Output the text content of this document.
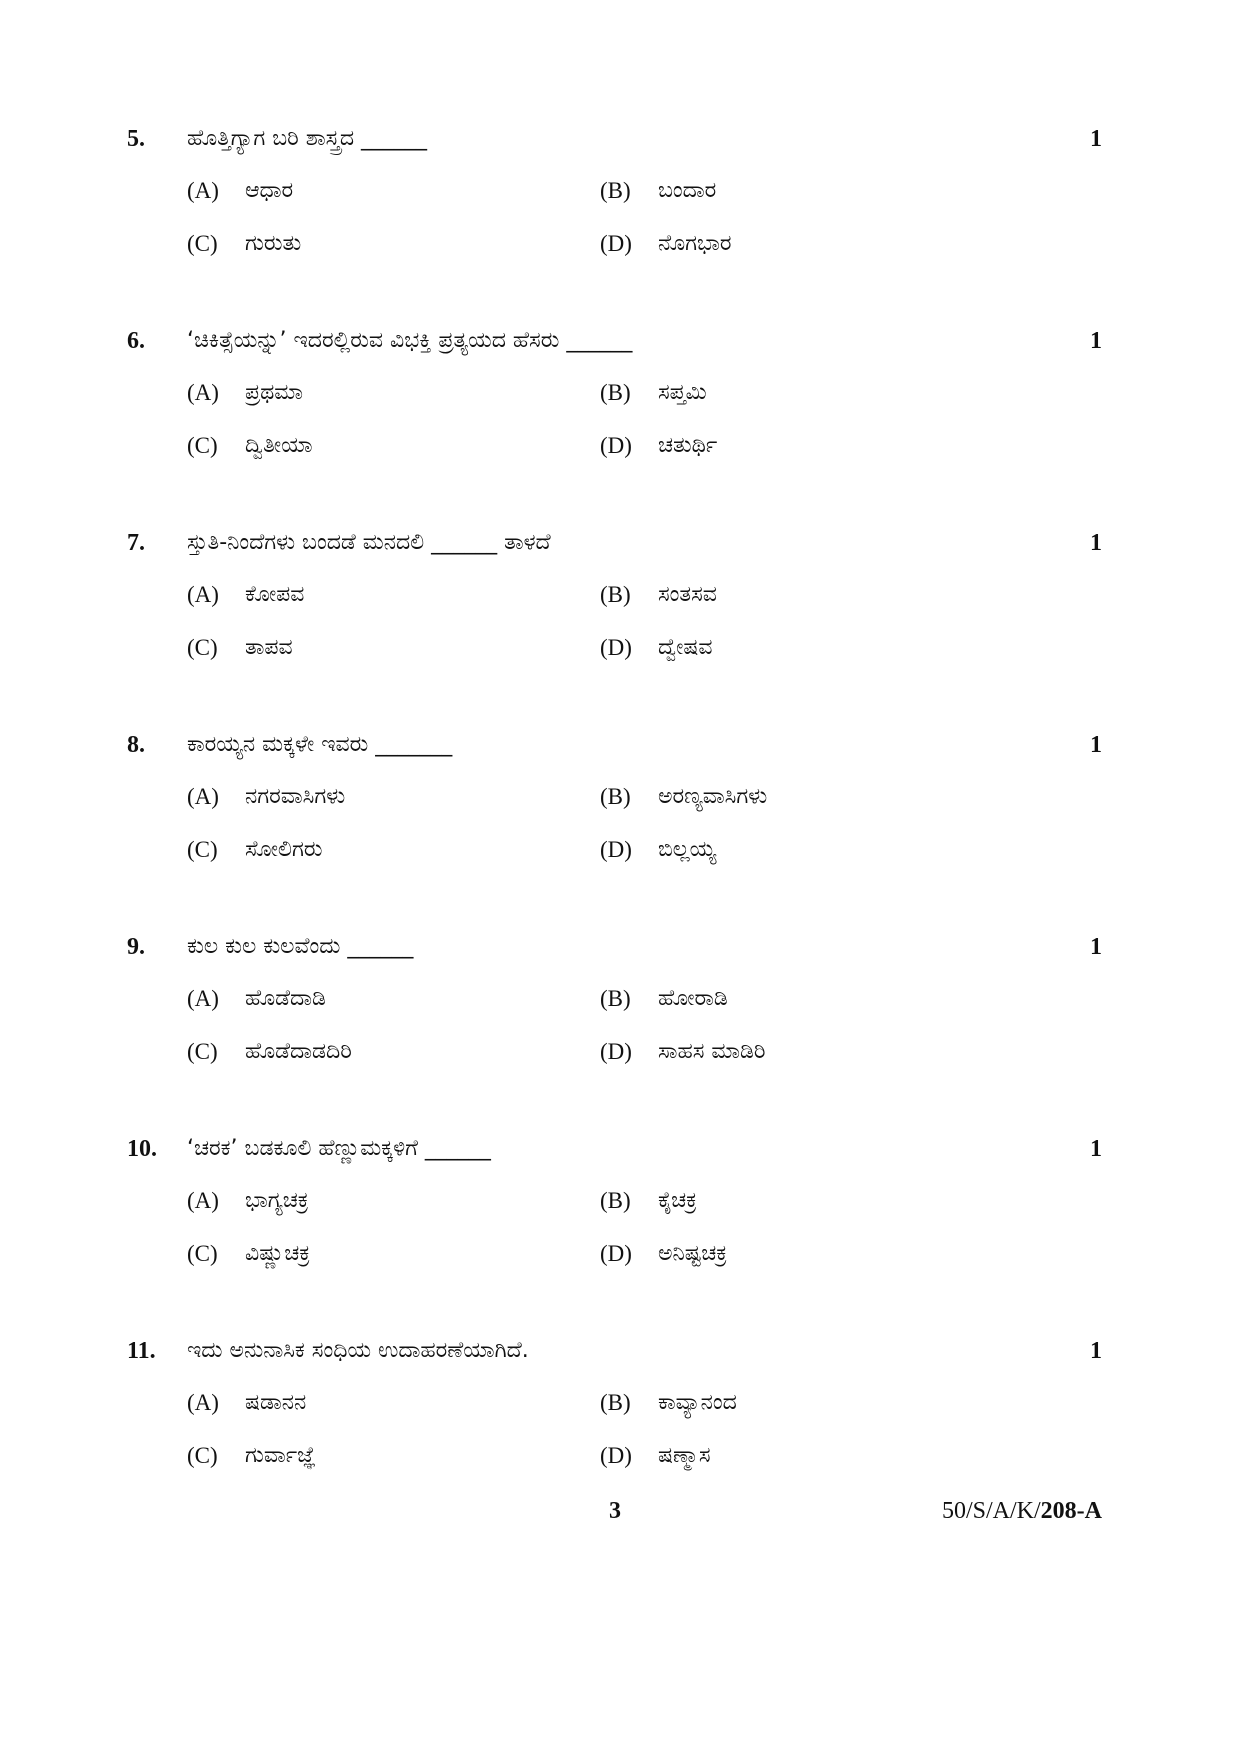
5. ಹೊತ್ತಿಗ್ಯಾಗ ಬರಿ ಶಾಸ್ತ್ರದ ______	1
(A) ಆಧಾರ	(B) ಬಂದಾರ
(C) ಗುರುತು	(D) ನೊಗಭಾರ
6. ‘ಚಿಕಿತ್ಸೆಯನ್ನು’ ಇದರಲ್ಲಿರುವ ವಿಭಕ್ತಿ ಪ್ರತ್ಯಯದ ಹೆಸರು ______	1
(A) ಪ್ರಥಮಾ	(B) ಸಪ್ತಮಿ
(C) ದ್ವಿತೀಯಾ	(D) ಚತುರ್ಥಿ
7. ಸ್ತುತಿ-ನಿಂದೆಗಳು ಬಂದಡೆ ಮನದಲಿ ______ ತಾಳದೆ	1
(A) ಕೋಪವ	(B) ಸಂತಸವ
(C) ತಾಪವ	(D) ದ್ವೇಷವ
8. ಕಾರಯ್ಯನ ಮಕ್ಕಳೇ ಇವರು _______	1
(A) ನಗರವಾಸಿಗಳು	(B) ಅರಣ್ಯವಾಸಿಗಳು
(C) ಸೋಲಿಗರು	(D) ಬಿಲ್ಲಯ್ಯ
9. ಕುಲ ಕುಲ ಕುಲವೆಂದು ______	1
(A) ಹೊಡೆದಾಡಿ	(B) ಹೋರಾಡಿ
(C) ಹೊಡೆದಾಡದಿರಿ	(D) ಸಾಹಸ ಮಾಡಿರಿ
10. ‘ಚರಕ’ ಬಡಕೂಲಿ ಹೆಣ್ಣುಮಕ್ಕಳಿಗೆ ______	1
(A) ಭಾಗ್ಯಚಕ್ರ	(B) ಕೈಚಕ್ರ
(C) ವಿಷ್ಣುಚಕ್ರ	(D) ಅನಿಷ್ಟಚಕ್ರ
11. ಇದು ಅನುನಾಸಿಕ ಸಂಧಿಯ ಉದಾಹರಣೆಯಾಗಿದೆ.	1
(A) ಷಡಾನನ	(B) ಕಾವ್ಯಾನಂದ
(C) ಗುರ್ವಾಜ್ಞೆ	(D) ಷಣ್ಮಾಸ
3	50/S/A/K/208-A
